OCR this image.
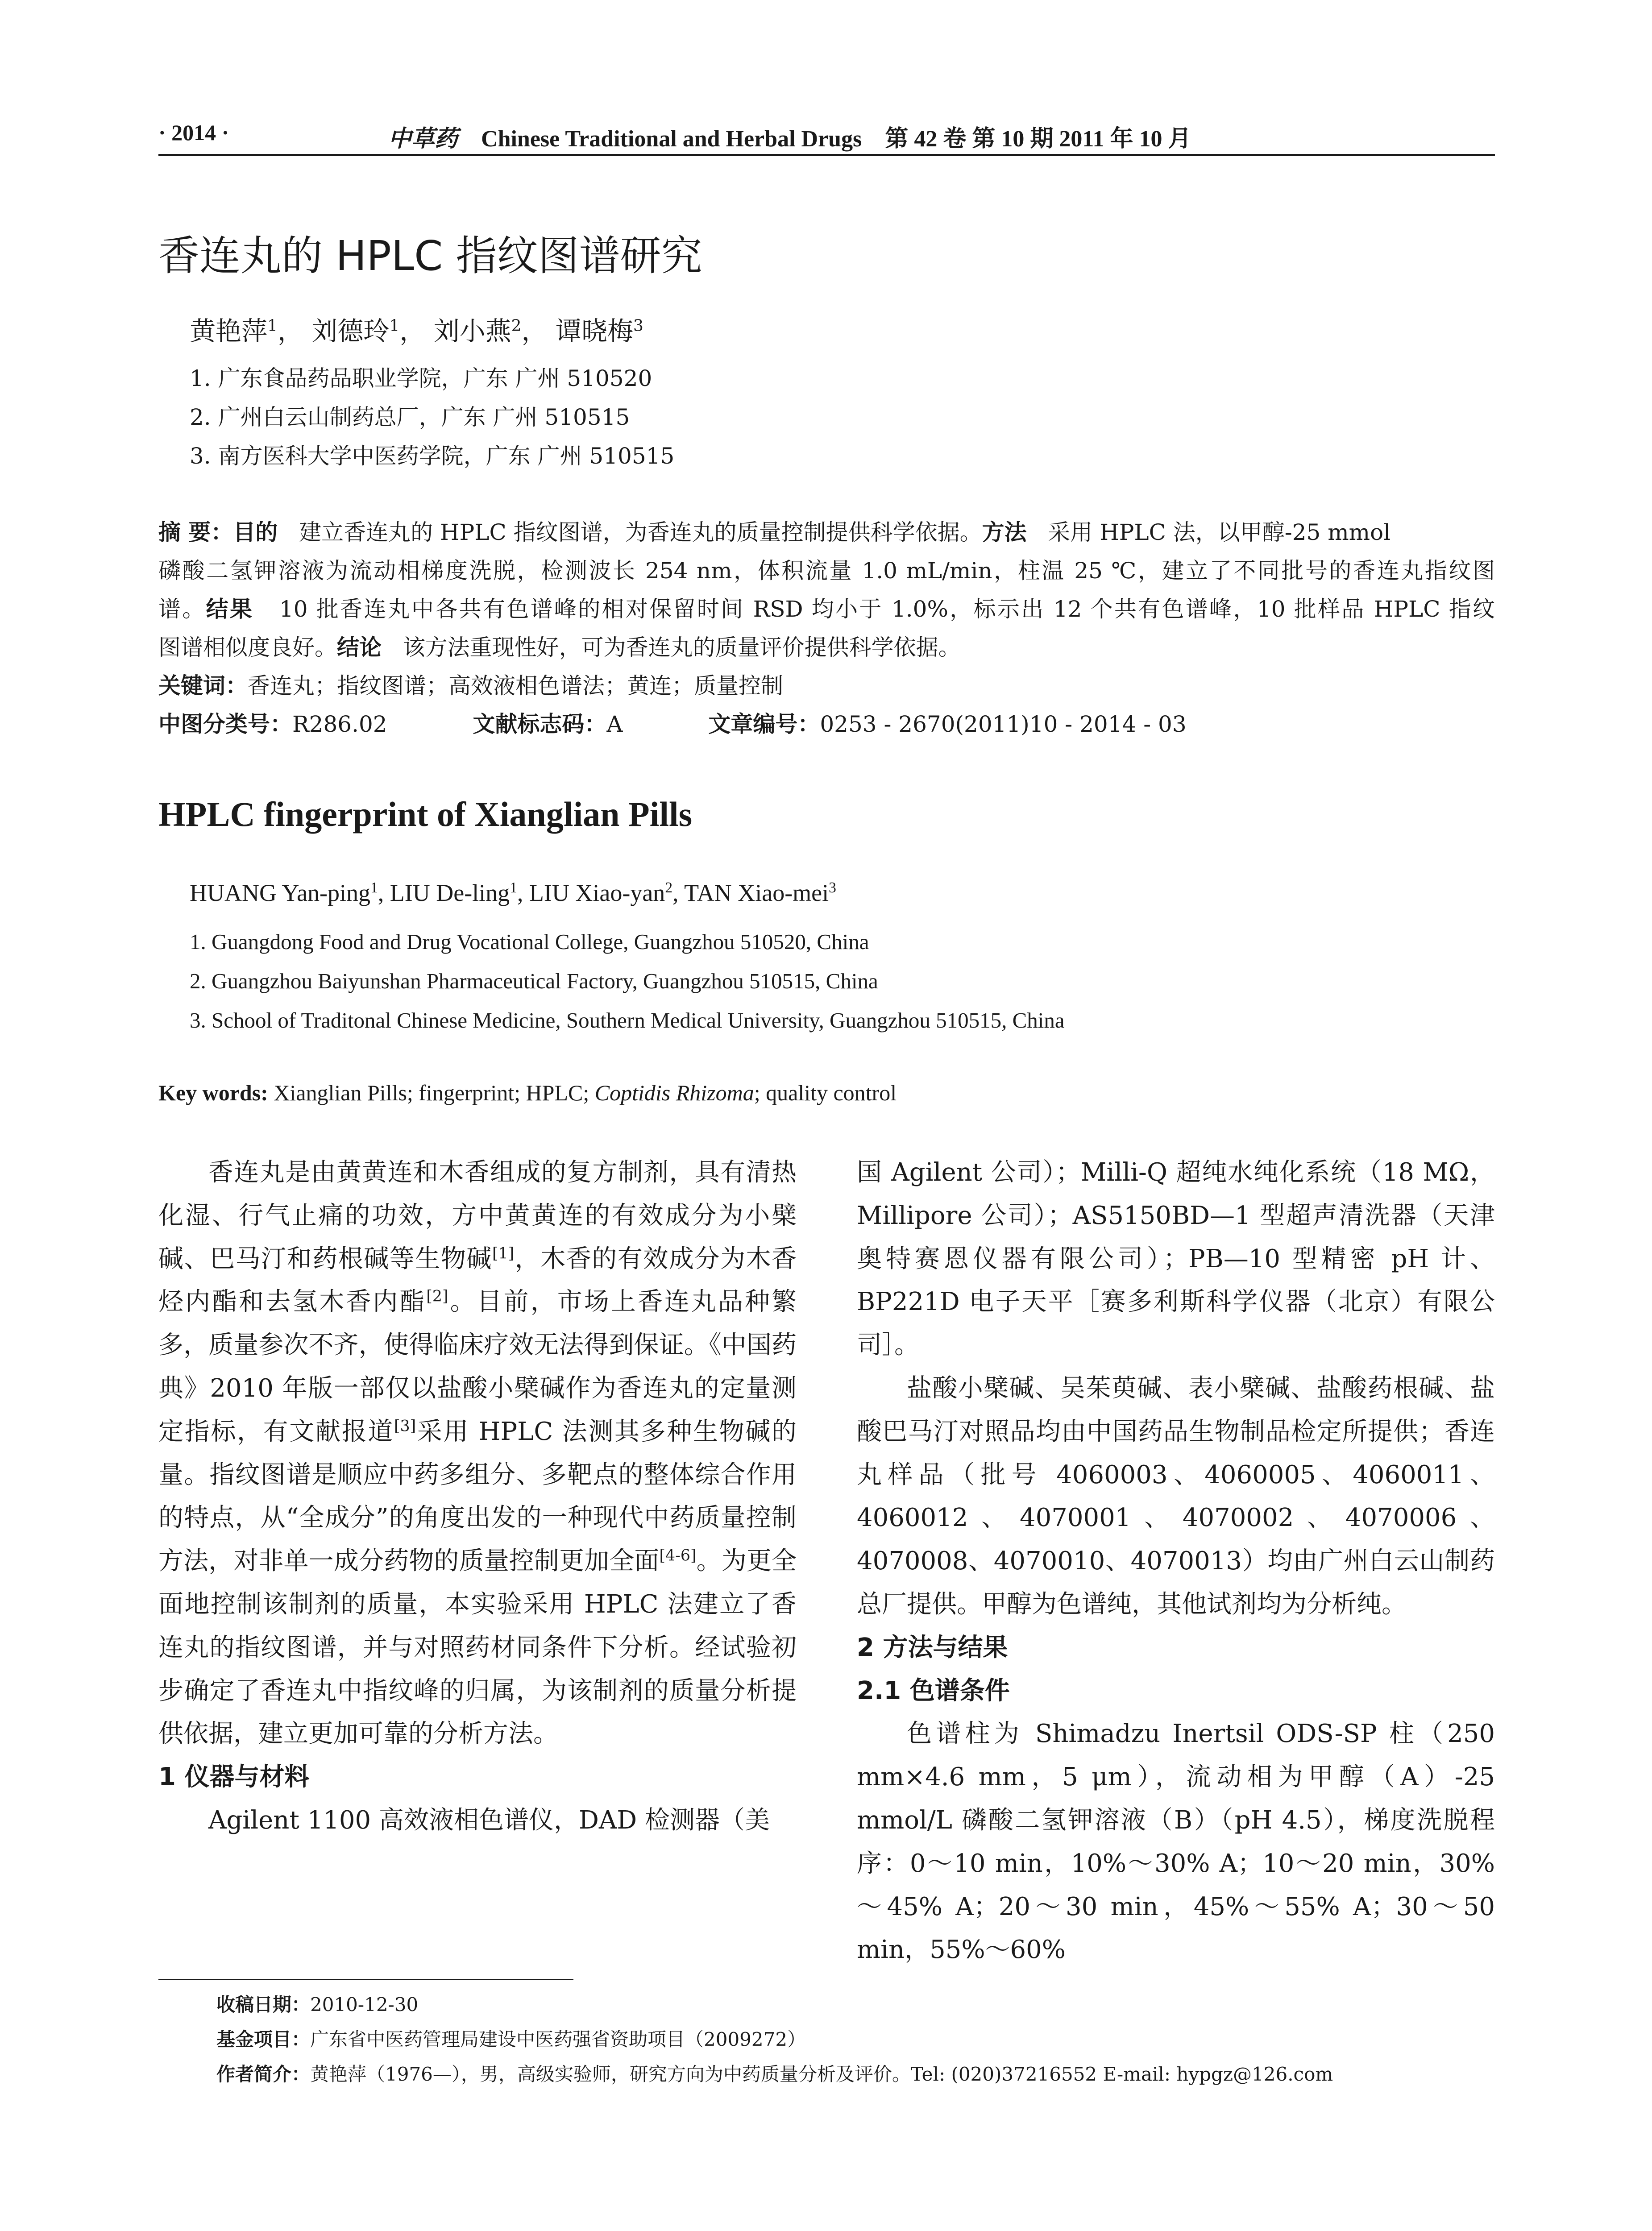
· 2014 ·	中草药 Chinese Traditional and Herbal Drugs 第 42 卷 第 10 期 2011 年 10 月
香连丸的 HPLC 指纹图谱研究
黄艳萍$^1$， 刘德玲$^1$， 刘小燕$^2$， 谭晓梅$^3$
1. 广东食品药品职业学院，广东 广州 510520
2. 广州白云山制药总厂，广东 广州 510515
3. 南方医科大学中医药学院，广东 广州 510515
摘 要：目的 建立香连丸的 HPLC 指纹图谱，为香连丸的质量控制提供科学依据。方法 采用 HPLC 法，以甲醇-25 mmol
磷酸二氢钾溶液为流动相梯度洗脱，检测波长 254 nm，体积流量 1.0 mL/min，柱温 25 ℃，建立了不同批号的香连丸指纹图
谱。结果 10 批香连丸中各共有色谱峰的相对保留时间 RSD 均小于 1.0%，标示出 12 个共有色谱峰，10 批样品 HPLC 指纹
图谱相似度良好。结论 该方法重现性好，可为香连丸的质量评价提供科学依据。
关键词：香连丸；指纹图谱；高效液相色谱法；黄连；质量控制
中图分类号：R286.02	文献标志码：A	文章编号：0253 - 2670(2011)10 - 2014 - 03
HPLC fingerprint of Xianglian Pills
HUANG Yan-ping$^1$, LIU De-ling$^1$, LIU Xiao-yan$^2$, TAN Xiao-mei$^3$
1. Guangdong Food and Drug Vocational College, Guangzhou 510520, China
2. Guangzhou Baiyunshan Pharmaceutical Factory, Guangzhou 510515, China
3. School of Traditonal Chinese Medicine, Southern Medical University, Guangzhou 510515, China
Key words: Xianglian Pills; fingerprint; HPLC; Coptidis Rhizoma; quality control

香连丸是由黄黄连和木香组成的复方制剂，具有清热化湿、行气止痛的功效，方中黄黄连的有效成分为小檗碱、巴马汀和药根碱等生物碱[1]，木香的有效成分为木香烃内酯和去氢木香内酯[2]。目前，市场上香连丸品种繁多，质量参次不齐，使得临床疗效无法得到保证。《中国药典》2010 年版一部仅以盐酸小檗碱作为香连丸的定量测定指标，有文献报道[3]采用 HPLC 法测其多种生物碱的量。指纹图谱是顺应中药多组分、多靶点的整体综合作用的特点，从“全成分”的角度出发的一种现代中药质量控制方法，对非单一成分药物的质量控制更加全面[4-6]。为更全面地控制该制剂的质量，本实验采用 HPLC 法建立了香连丸的指纹图谱，并与对照药材同条件下分析。经试验初步确定了香连丸中指纹峰的归属，为该制剂的质量分析提供依据，建立更加可靠的分析方法。

1 仪器与材料

Agilent 1100 高效液相色谱仪，DAD 检测器（美

国 Agilent 公司）；Milli-Q 超纯水纯化系统（18 MΩ，Millipore 公司）；AS5150BD—1 型超声清洗器（天津奥特赛恩仪器有限公司）；PB—10 型精密 pH 计、BP221D 电子天平［赛多利斯科学仪器（北京）有限公司］。

盐酸小檗碱、吴茱萸碱、表小檗碱、盐酸药根碱、盐酸巴马汀对照品均由中国药品生物制品检定所提供；香连丸样品（批号 4060003、4060005、4060011、4060012、4070001、4070002、4070006、4070008、4070010、4070013）均由广州白云山制药总厂提供。甲醇为色谱纯，其他试剂均为分析纯。

2 方法与结果

2.1 色谱条件

色谱柱为 Shimadzu Inertsil ODS-SP 柱（250 mm×4.6 mm，5 μm），流动相为甲醇（A）-25 mmol/L 磷酸二氢钾溶液（B）（pH 4.5），梯度洗脱程序：0～10 min，10%～30% A；10～20 min，30%～45% A；20～30 min，45%～55% A；30～50 min，55%～60%

收稿日期：2010-12-30
基金项目：广东省中医药管理局建设中医药强省资助项目（2009272）
作者简介：黄艳萍（1976—），男，高级实验师，研究方向为中药质量分析及评价。Tel: (020)37216552 E-mail: hypgz@126.com
